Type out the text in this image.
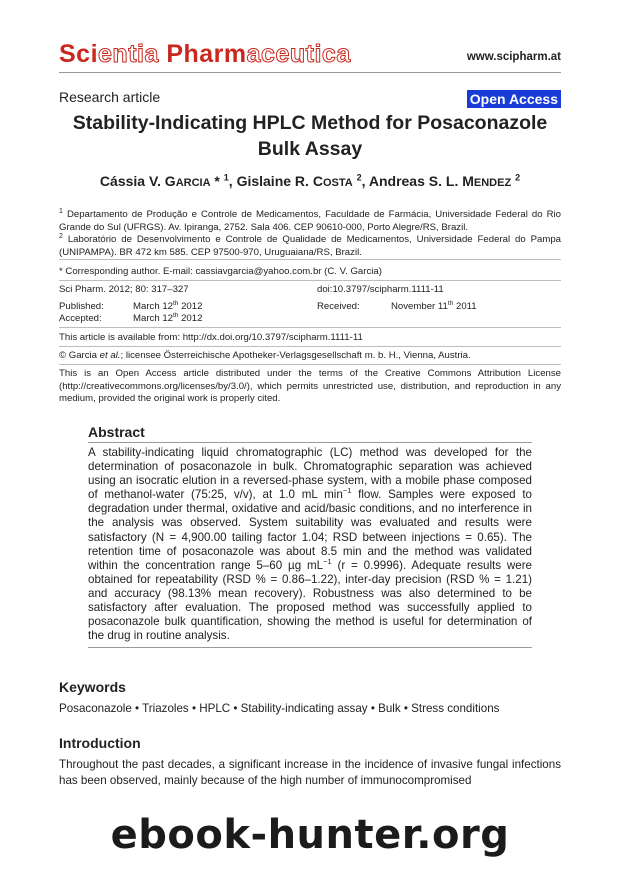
Scientia Pharmaceutica	www.scipharm.at
Research article	Open Access
Stability-Indicating HPLC Method for Posaconazole Bulk Assay
Cássia V. GARCIA * $^1$, Gislaine R. COSTA $^2$, Andreas S. L. MENDEZ $^2$
$^1$ Departamento de Produção e Controle de Medicamentos, Faculdade de Farmácia, Universidade Federal do Rio Grande do Sul (UFRGS). Av. Ipiranga, 2752. Sala 406. CEP 90610-000, Porto Alegre/RS, Brazil.
$^2$ Laboratório de Desenvolvimento e Controle de Qualidade de Medicamentos, Universidade Federal do Pampa (UNIPAMPA). BR 472 km 585. CEP 97500-970, Uruguaiana/RS, Brazil.
* Corresponding author. E-mail: cassiavgarcia@yahoo.com.br (C. V. Garcia)
Sci Pharm. 2012; 80: 317–327	doi:10.3797/scipharm.1111-11
Published:	March 12th 2012	Received:	November 11th 2011
Accepted:	March 12th 2012
This article is available from: http://dx.doi.org/10.3797/scipharm.1111-11
© Garcia et al.; licensee Österreichische Apotheker-Verlagsgesellschaft m. b. H., Vienna, Austria.
This is an Open Access article distributed under the terms of the Creative Commons Attribution License (http://creativecommons.org/licenses/by/3.0/), which permits unrestricted use, distribution, and reproduction in any medium, provided the original work is properly cited.
Abstract
A stability-indicating liquid chromatographic (LC) method was developed for the determination of posaconazole in bulk. Chromatographic separation was achieved using an isocratic elution in a reversed-phase system, with a mobile phase composed of methanol-water (75:25, v/v), at 1.0 mL $\min^{-1}$ flow. Samples were exposed to degradation under thermal, oxidative and acid/basic conditions, and no interference in the analysis was observed. System suitability was evaluated and results were satisfactory (N = 4,900.00 tailing factor 1.04; RSD between injections = 0.65). The retention time of posaconazole was about 8.5 min and the method was validated within the concentration range 5–60 µg $mL^{-1}$ (r = 0.9996). Adequate results were obtained for repeatability (RSD % = 0.86–1.22), inter-day precision (RSD % = 1.21) and accuracy (98.13% mean recovery). Robustness was also determined to be satisfactory after evaluation. The proposed method was successfully applied to posaconazole bulk quantification, showing the method is useful for determination of the drug in routine analysis.
Keywords
Posaconazole • Triazoles • HPLC • Stability-indicating assay • Bulk • Stress conditions
Introduction
Throughout the past decades, a significant increase in the incidence of invasive fungal infections has been observed, mainly because of the high number of immunocompromised
ebook-hunter.org
